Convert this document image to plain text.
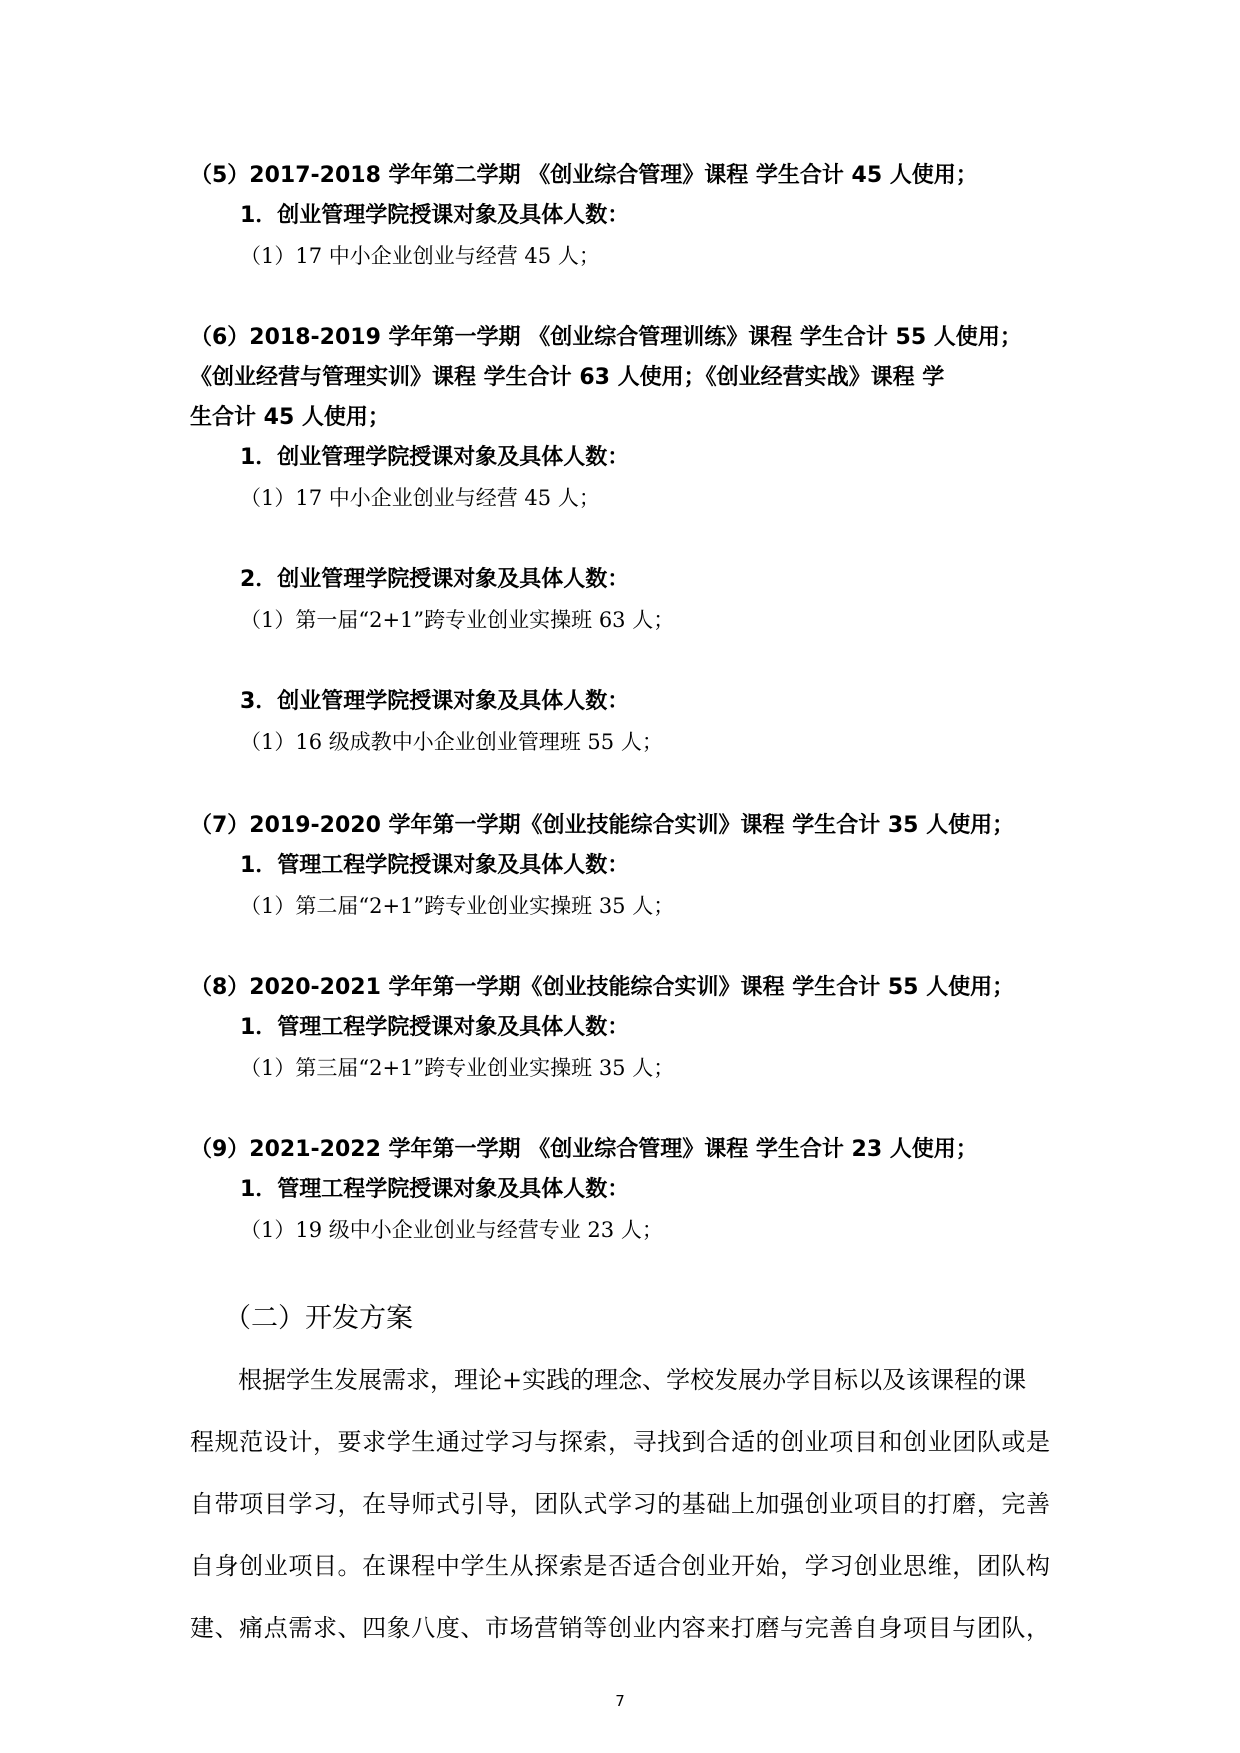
（5）2017-2018 学年第二学期 《创业综合管理》课程 学生合计 45 人使用；
1．创业管理学院授课对象及具体人数：
（1）17 中小企业创业与经营 45 人；
（6）2018-2019 学年第一学期 《创业综合管理训练》课程 学生合计 55 人使用；
《创业经营与管理实训》课程 学生合计 63 人使用；《创业经营实战》课程 学
生合计 45 人使用；
1．创业管理学院授课对象及具体人数：
（1）17 中小企业创业与经营 45 人；
2．创业管理学院授课对象及具体人数：
（1）第一届“2+1”跨专业创业实操班 63 人；
3．创业管理学院授课对象及具体人数：
（1）16 级成教中小企业创业管理班 55 人；
（7）2019-2020 学年第一学期《创业技能综合实训》课程 学生合计 35 人使用；
1．管理工程学院授课对象及具体人数：
（1）第二届“2+1”跨专业创业实操班 35 人；
（8）2020-2021 学年第一学期《创业技能综合实训》课程 学生合计 55 人使用；
1．管理工程学院授课对象及具体人数：
（1）第三届“2+1”跨专业创业实操班 35 人；
（9）2021-2022 学年第一学期 《创业综合管理》课程 学生合计 23 人使用；
1．管理工程学院授课对象及具体人数：
（1）19 级中小企业创业与经营专业 23 人；
（二）开发方案
根据学生发展需求，理论+实践的理念、学校发展办学目标以及该课程的课
程规范设计，要求学生通过学习与探索，寻找到合适的创业项目和创业团队或是
自带项目学习，在导师式引导，团队式学习的基础上加强创业项目的打磨，完善
自身创业项目。在课程中学生从探索是否适合创业开始，学习创业思维，团队构
建、痛点需求、四象八度、市场营销等创业内容来打磨与完善自身项目与团队，
7
